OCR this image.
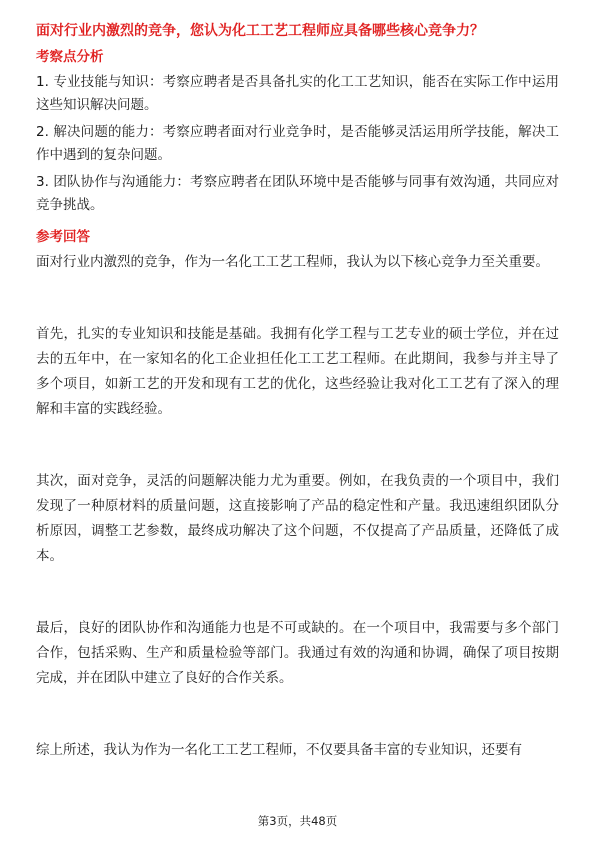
面对行业内激烈的竞争，您认为化工工艺工程师应具备哪些核心竞争力？
考察点分析
1. 专业技能与知识：考察应聘者是否具备扎实的化工工艺知识，能否在实际工作中运用这些知识解决问题。
2. 解决问题的能力：考察应聘者面对行业竞争时，是否能够灵活运用所学技能，解决工作中遇到的复杂问题。
3. 团队协作与沟通能力：考察应聘者在团队环境中是否能够与同事有效沟通，共同应对竞争挑战。
参考回答
面对行业内激烈的竞争，作为一名化工工艺工程师，我认为以下核心竞争力至关重要。
首先，扎实的专业知识和技能是基础。我拥有化学工程与工艺专业的硕士学位，并在过去的五年中，在一家知名的化工企业担任化工工艺工程师。在此期间，我参与并主导了多个项目，如新工艺的开发和现有工艺的优化，这些经验让我对化工工艺有了深入的理解和丰富的实践经验。
其次，面对竞争，灵活的问题解决能力尤为重要。例如，在我负责的一个项目中，我们发现了一种原材料的质量问题，这直接影响了产品的稳定性和产量。我迅速组织团队分析原因，调整工艺参数，最终成功解决了这个问题，不仅提高了产品质量，还降低了成本。
最后，良好的团队协作和沟通能力也是不可或缺的。在一个项目中，我需要与多个部门合作，包括采购、生产和质量检验等部门。我通过有效的沟通和协调，确保了项目按期完成，并在团队中建立了良好的合作关系。
综上所述，我认为作为一名化工工艺工程师，不仅要具备丰富的专业知识，还要有
第3页，共48页
